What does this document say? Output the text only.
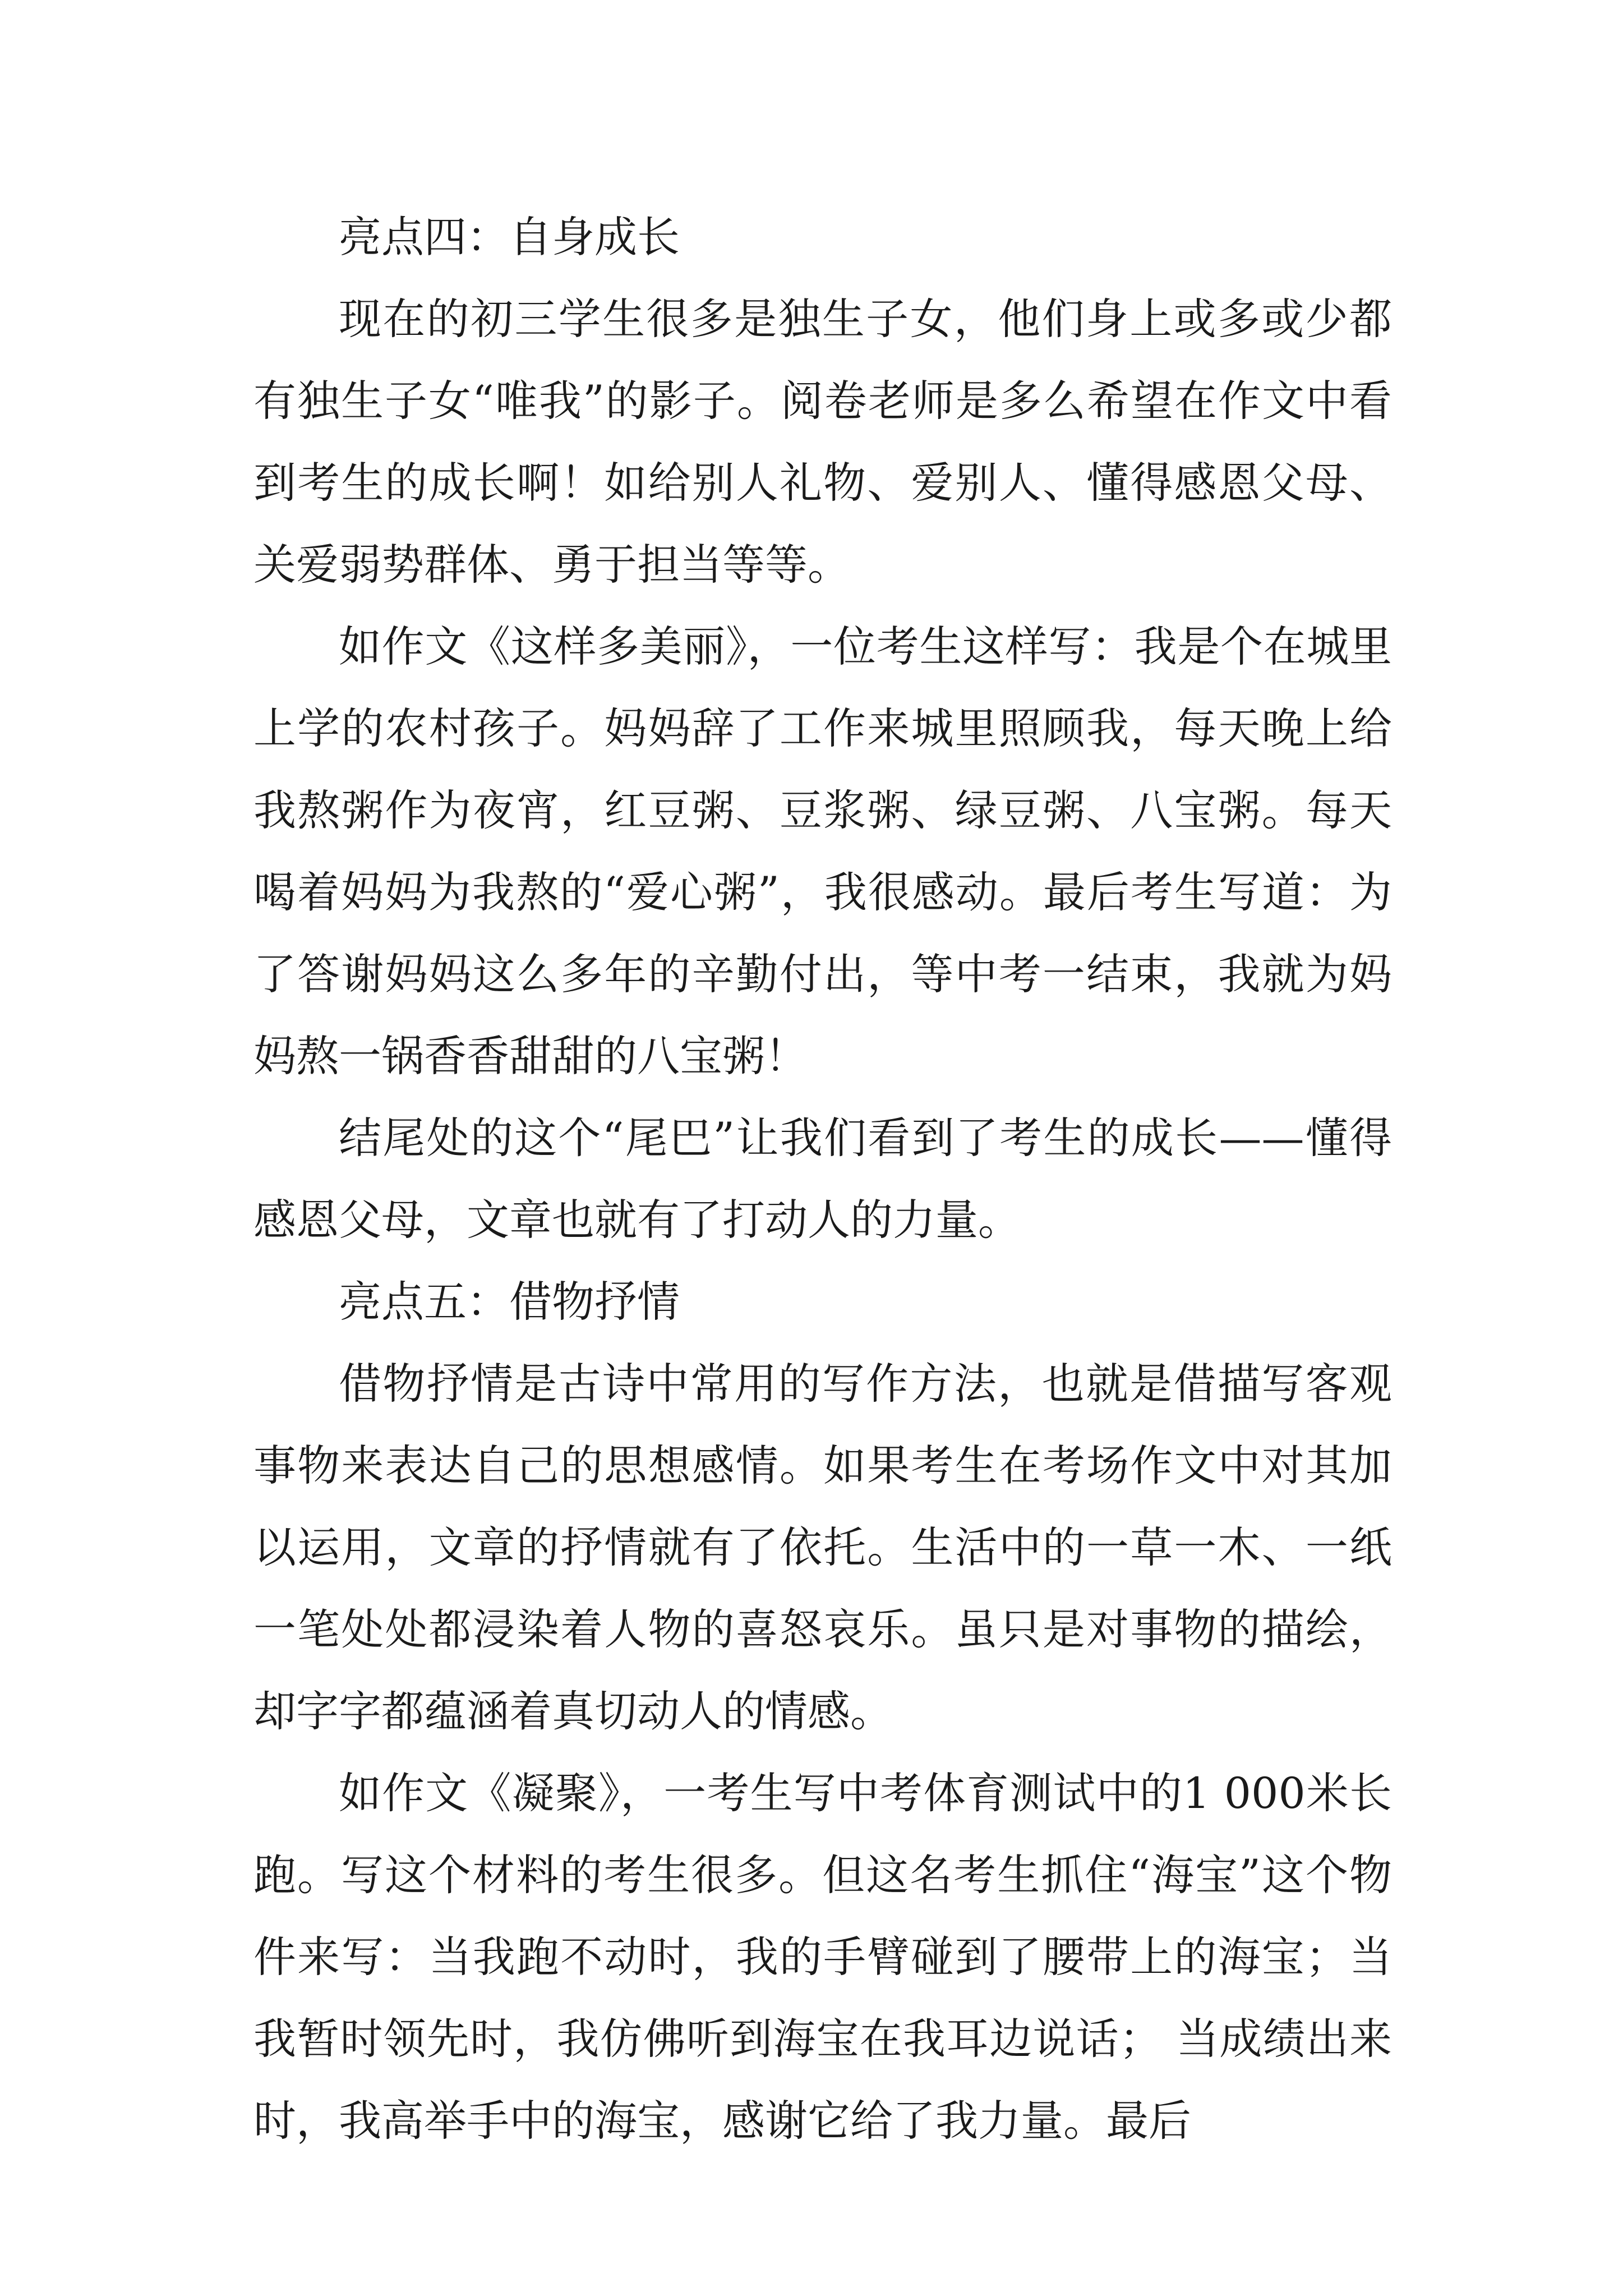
亮点四：自身成长

现在的初三学生很多是独生子女，他们身上或多或少都有独生子女“唯我”的影子。阅卷老师是多么希望在作文中看到考生的成长啊！如给别人礼物、爱别人、懂得感恩父母、关爱弱势群体、勇于担当等等。

如作文《这样多美丽》，一位考生这样写：我是个在城里上学的农村孩子。妈妈辞了工作来城里照顾我，每天晚上给我熬粥作为夜宵，红豆粥、豆浆粥、绿豆粥、八宝粥。每天喝着妈妈为我熬的“爱心粥”，我很感动。最后考生写道：为了答谢妈妈这么多年的辛勤付出，等中考一结束，我就为妈妈熬一锅香香甜甜的八宝粥！

结尾处的这个“尾巴”让我们看到了考生的成长——懂得感恩父母，文章也就有了打动人的力量。

亮点五：借物抒情

借物抒情是古诗中常用的写作方法，也就是借描写客观事物来表达自己的思想感情。如果考生在考场作文中对其加以运用，文章的抒情就有了依托。生活中的一草一木、一纸一笔处处都浸染着人物的喜怒哀乐。虽只是对事物的描绘，却字字都蕴涵着真切动人的情感。

如作文《凝聚》，一考生写中考体育测试中的1 000米长跑。写这个材料的考生很多。但这名考生抓住“海宝”这个物件来写：当我跑不动时，我的手臂碰到了腰带上的海宝；当我暂时领先时，我仿佛听到海宝在我耳边说话； 当成绩出来时，我高举手中的海宝，感谢它给了我力量。最后
